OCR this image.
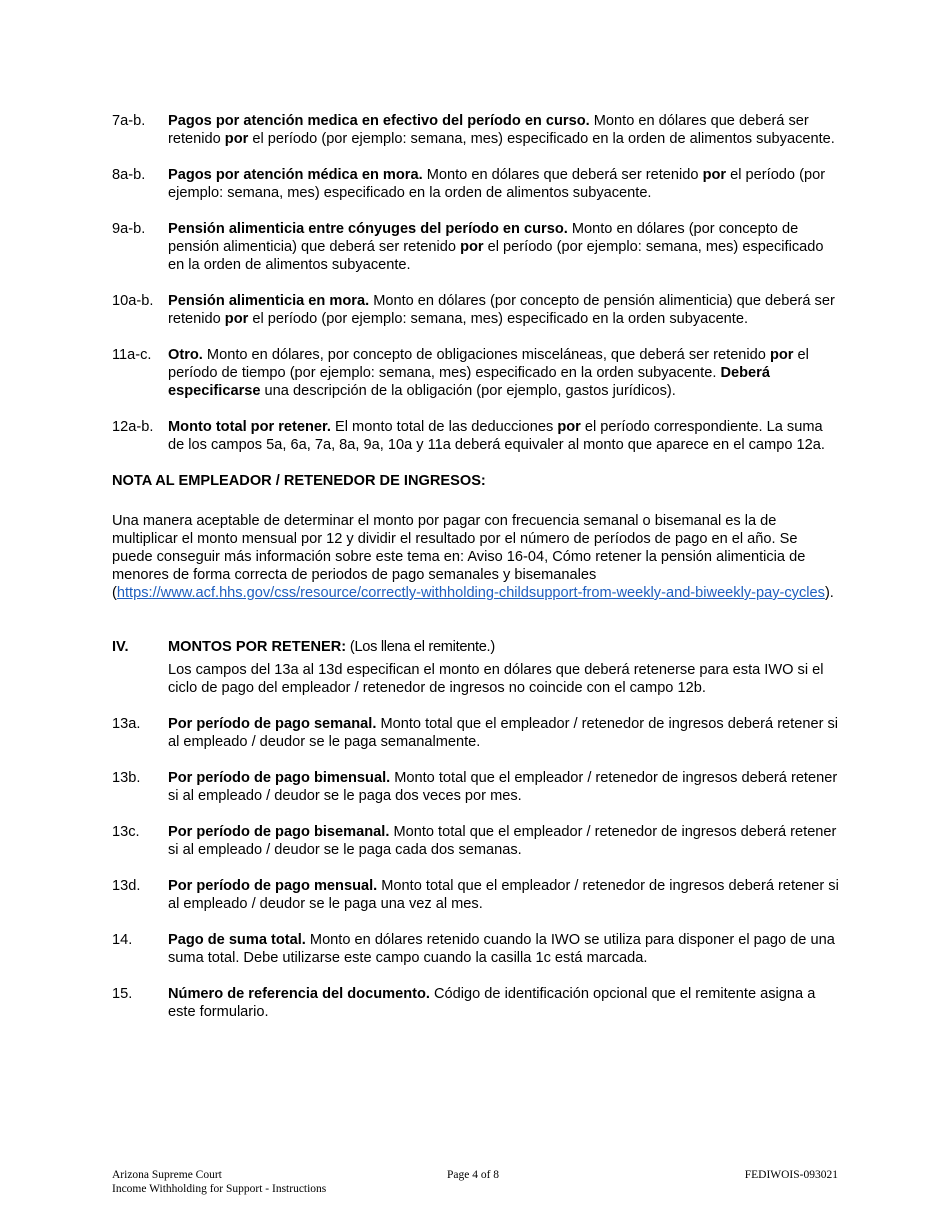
7a-b.	Pagos por atención medica en efectivo del período en curso. Monto en dólares que deberá ser retenido por el período (por ejemplo: semana, mes) especificado en la orden de alimentos subyacente.
8a-b.	Pagos por atención médica en mora. Monto en dólares que deberá ser retenido por el período (por ejemplo: semana, mes) especificado en la orden de alimentos subyacente.
9a-b.	Pensión alimenticia entre cónyuges del período en curso. Monto en dólares (por concepto de pensión alimenticia) que deberá ser retenido por el período (por ejemplo: semana, mes) especificado en la orden de alimentos subyacente.
10a-b.	Pensión alimenticia en mora. Monto en dólares (por concepto de pensión alimenticia) que deberá ser retenido por el período (por ejemplo: semana, mes) especificado en la orden subyacente.
11a-c.	Otro. Monto en dólares, por concepto de obligaciones misceláneas, que deberá ser retenido por el período de tiempo (por ejemplo: semana, mes) especificado en la orden subyacente. Deberá especificarse una descripción de la obligación (por ejemplo, gastos jurídicos).
12a-b.	Monto total por retener. El monto total de las deducciones por el período correspondiente. La suma de los campos 5a, 6a, 7a, 8a, 9a, 10a y 11a deberá equivaler al monto que aparece en el campo 12a.
NOTA AL EMPLEADOR / RETENEDOR DE INGRESOS:
Una manera aceptable de determinar el monto por pagar con frecuencia semanal o bisemanal es la de multiplicar el monto mensual por 12 y dividir el resultado por el número de períodos de pago en el año. Se puede conseguir más información sobre este tema en: Aviso 16-04, Cómo retener la pensión alimenticia de menores de forma correcta de periodos de pago semanales y bisemanales (https://www.acf.hhs.gov/css/resource/correctly-withholding-childsupport-from-weekly-and-biweekly-pay-cycles).
IV.	MONTOS POR RETENER: (Los llena el remitente.)
Los campos del 13a al 13d especifican el monto en dólares que deberá retenerse para esta IWO si el ciclo de pago del empleador / retenedor de ingresos no coincide con el campo 12b.
13a.	Por período de pago semanal. Monto total que el empleador / retenedor de ingresos deberá retener si al empleado / deudor se le paga semanalmente.
13b.	Por período de pago bimensual. Monto total que el empleador / retenedor de ingresos deberá retener si al empleado / deudor se le paga dos veces por mes.
13c.	Por período de pago bisemanal. Monto total que el empleador / retenedor de ingresos deberá retener si al empleado / deudor se le paga cada dos semanas.
13d.	Por período de pago mensual. Monto total que el empleador / retenedor de ingresos deberá retener si al empleado / deudor se le paga una vez al mes.
14.	Pago de suma total. Monto en dólares retenido cuando la IWO se utiliza para disponer el pago de una suma total. Debe utilizarse este campo cuando la casilla 1c está marcada.
15.	Número de referencia del documento. Código de identificación opcional que el remitente asigna a este formulario.
Arizona Supreme Court
Income Withholding for Support - Instructions
Page 4 of 8	FEDIWOIS-093021
